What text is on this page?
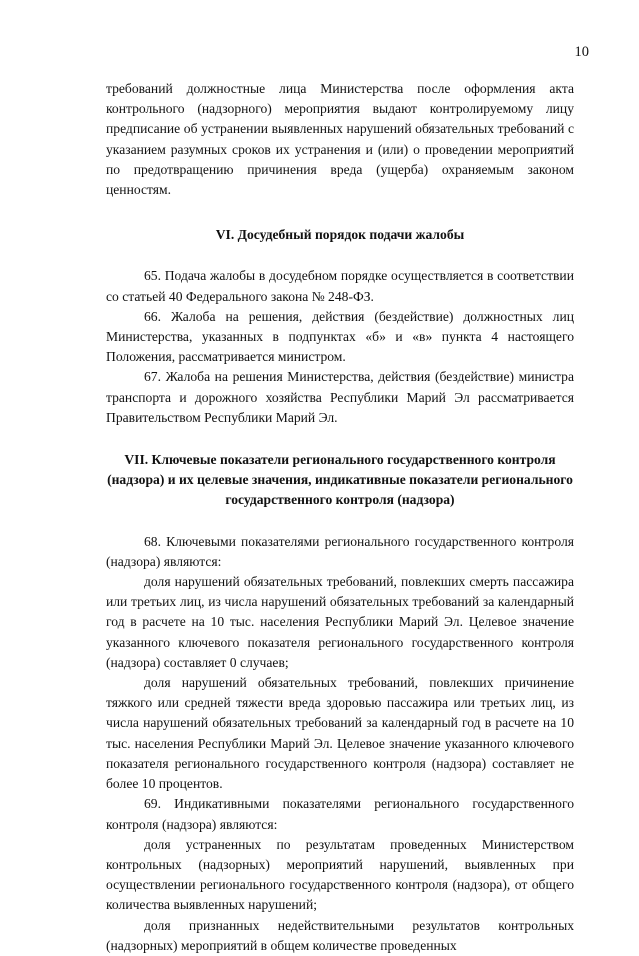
10

требований должностные лица Министерства после оформления акта контрольного (надзорного) мероприятия выдают контролируемому лицу предписание об устранении выявленных нарушений обязательных требований с указанием разумных сроков их устранения и (или) о проведении мероприятий по предотвращению причинения вреда (ущерба) охраняемым законом ценностям.

VI. Досудебный порядок подачи жалобы

65. Подача жалобы в досудебном порядке осуществляется в соответствии со статьей 40 Федерального закона № 248-ФЗ.

66. Жалоба на решения, действия (бездействие) должностных лиц Министерства, указанных в подпунктах «б» и «в» пункта 4 настоящего Положения, рассматривается министром.

67. Жалоба на решения Министерства, действия (бездействие) министра транспорта и дорожного хозяйства Республики Марий Эл рассматривается Правительством Республики Марий Эл.

VII. Ключевые показатели регионального государственного контроля (надзора) и их целевые значения, индикативные показатели регионального государственного контроля (надзора)

68. Ключевыми показателями регионального государственного контроля (надзора) являются:

доля нарушений обязательных требований, повлекших смерть пассажира или третьих лиц, из числа нарушений обязательных требований за календарный год в расчете на 10 тыс. населения Республики Марий Эл. Целевое значение указанного ключевого показателя регионального государственного контроля (надзора) составляет 0 случаев;

доля нарушений обязательных требований, повлекших причинение тяжкого или средней тяжести вреда здоровью пассажира или третьих лиц, из числа нарушений обязательных требований за календарный год в расчете на 10 тыс. населения Республики Марий Эл. Целевое значение указанного ключевого показателя регионального государственного контроля (надзора) составляет не более 10 процентов.

69. Индикативными показателями регионального государственного контроля (надзора) являются:

доля устраненных по результатам проведенных Министерством контрольных (надзорных) мероприятий нарушений, выявленных при осуществлении регионального государственного контроля (надзора), от общего количества выявленных нарушений;

доля признанных недействительными результатов контрольных (надзорных) мероприятий в общем количестве проведенных
